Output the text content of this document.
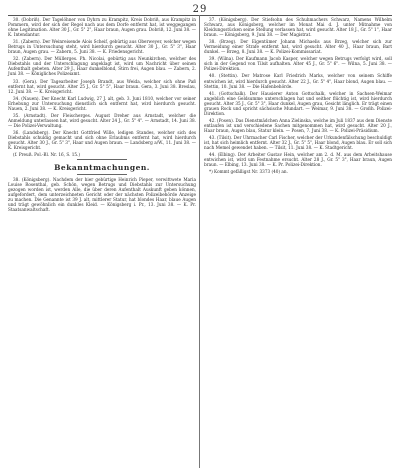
29

30. (Dobriß). Der Tagelöhner von Dyhrn zu Krampitz, Kreis Dobriß, aus Krampitz in Pommern, wird der sich der Regel nach aus dem Dorfe entfernt hat, ist weggegangen ohne Legitimation. Alter 30 J., Gr. 5" 2", Haar braun, Augen grau. Dobriß, 12. Juni 38. — K. Intendantur.

31. (Zabern). Der Weinreisende Alois Scheif, gebürtig aus Oberweyer, welcher wegen Betrugs in Untersuchung steht, wird hierdurch gesucht. Alter 30 J., Gr. 5" 3", Haar braun, Augen grau. — Zabern, 5. Juni 38. — K. Friedensgericht.

32. (Zabern). Der Müllerges. Ph. Nicolai, gebürtig aus Neunkirchen, welcher des Diebstahls und der Unterschlagung angeklagt ist, wird um Nachricht über seinen Aufenthalt gebeten. Alter 29 J., Haar dunkelblond, Stirn frei, Augen blau. — Zabern, 2. Juni 38. — Königliches Polizeiamt.

33. (Gera). Der Tagearbeiter Joseph Brandt, aus Weida, welcher sich ohne Paß entfernt hat, wird gesucht. Alter 25 J., Gr. 5" 5", Haar braun. Gera, 3. Juni 38. Breslau, 12. Juni 38. — K. Kreisgericht.

34. (Nauen). Der Knecht Karl Ludwig, 27 J. alt, geb. 3. Juni 1810, welcher vor seiner Erhebung zur Untersuchung dienstlich sich entfernt hat, wird hierdurch gesucht. Nauen, 2. Juni 38. — K. Kreisgericht.

35. (Arnstadt). Der Fleischerges. August Dreher aus Arnstadt, welcher die Anmeldung unterlassen hat, wird gesucht. Alter 24 J., Gr. 5" 4". — Arnstadt, 14. Juni 38. — Die Polizei-Verwaltung.

36. (Landsberg). Der Knecht Gottfried Wille, ledigen Standes, welcher sich des Diebstahls schuldig gemacht und sich ohne Erlaubnis entfernt hat, wird hierdurch gesucht. Alter 30 J., Gr. 5" 3", Haar und Augen braun. — Landsberg a/W., 11. Juni 38. — K. Kreisgericht.

(f. Preuß. Pol.-Bl. Nr. 16, S. 15.)

Bekanntmachungen.

38. (Königsberg). Nachdem der hier gebürtige Heinrich Pieper, verwittwete Maria Louise Rosenthal, geb. Schön, wegen Betrugs und Diebstahls zur Untersuchung gezogen worden ist, werden Alle, die über deren Aufenthalt Auskunft geben können, aufgefordert, dem unterzeichneten Gericht oder der nächsten Polizeibehörde Anzeige zu machen. Die Genannte ist 39 J. alt, mittlerer Statur, hat blondes Haar, blaue Augen und trägt gewöhnlich ein dunkles Kleid. — Königsberg i. Pr., 13. Juni 38. — K. Pr. Staatsanwaltschaft.

37. (Königsberg). Der Stiefsohn des Schuhmachers Schwarz, Namens Wilhelm Schwarz, aus Königsberg, welcher im Monat Mai d. J. unter Mitnahme von Kleidungsstücken seine Stellung verlassen hat, wird gesucht. Alter 18 J., Gr. 5" 1", Haar braun. — Königsberg, 9. Juni 38. — Der Magistrat.

38. (Brzeg). Der Eigentümer Johann Michaelis aus Brzeg, welcher sich zur Vermeidung einer Strafe entfernt hat, wird gesucht. Alter 40 J., Haar braun, Bart dunkel. — Brzeg, 8. Juni 38. — K. Polizei-Kommissariat.

39. (Wilna). Der Kaufmann Jacob Kasper, welcher wegen Betrugs verfolgt wird, soll sich in der Gegend von Tilsit aufhalten. Alter 45 J., Gr. 5" 6". — Wilna, 5. Juni 38. — Polizei-Direktion.

40. (Stettin). Der Matrose Karl Friedrich Marks, welcher von seinem Schiffe entwichen ist, wird hierdurch gesucht. Alter 22 J., Gr. 5" 4", Haar blond, Augen blau. — Stettin, 10. Juni 38. — Die Hafenbehörde.

41. (Gottschalk). Der Hausierer Anton Gottschalk, welcher in Sachsen-Weimar angeblich eine Geldsumme unterschlagen hat und seither flüchtig ist, wird hierdurch gesucht. Alter 35 J., Gr. 5" 3", Haar dunkel, Augen grau, Gesicht länglich. Er trägt einen grauen Rock und spricht sächsische Mundart. — Weimar, 9. Juni 38. — Großh. Polizei-Direktion.

42. (Posen). Das Dienstmädchen Anna Zielinska, welche im Juli 1837 aus dem Dienste entlaufen ist und verschiedene Sachen mitgenommen hat, wird gesucht. Alter 20 J., Haar braun, Augen blau, Statur klein. — Posen, 7. Juni 38. — K. Polizei-Präsidium.

43. (Tilsit). Der Uhrmacher Carl Fischer, welcher der Urkundenfälschung beschuldigt ist, hat sich heimlich entfernt. Alter 32 J., Gr. 5" 5", Haar blond, Augen blau. Er soll sich nach Memel gewendet haben. — Tilsit, 11. Juni 38. — K. Stadtgericht.

44. (Elbing). Der Arbeiter Gustav Hein, welcher am 2. d. M. aus dem Arbeitshause entwichen ist, wird um Festnahme ersucht. Alter 28 J., Gr. 5" 3", Haar braun, Augen braun. — Elbing, 13. Juni 38. — K. Pr. Polizei-Direktion.

*) Kommt gefälligst Nr. 3373 (40) an.
